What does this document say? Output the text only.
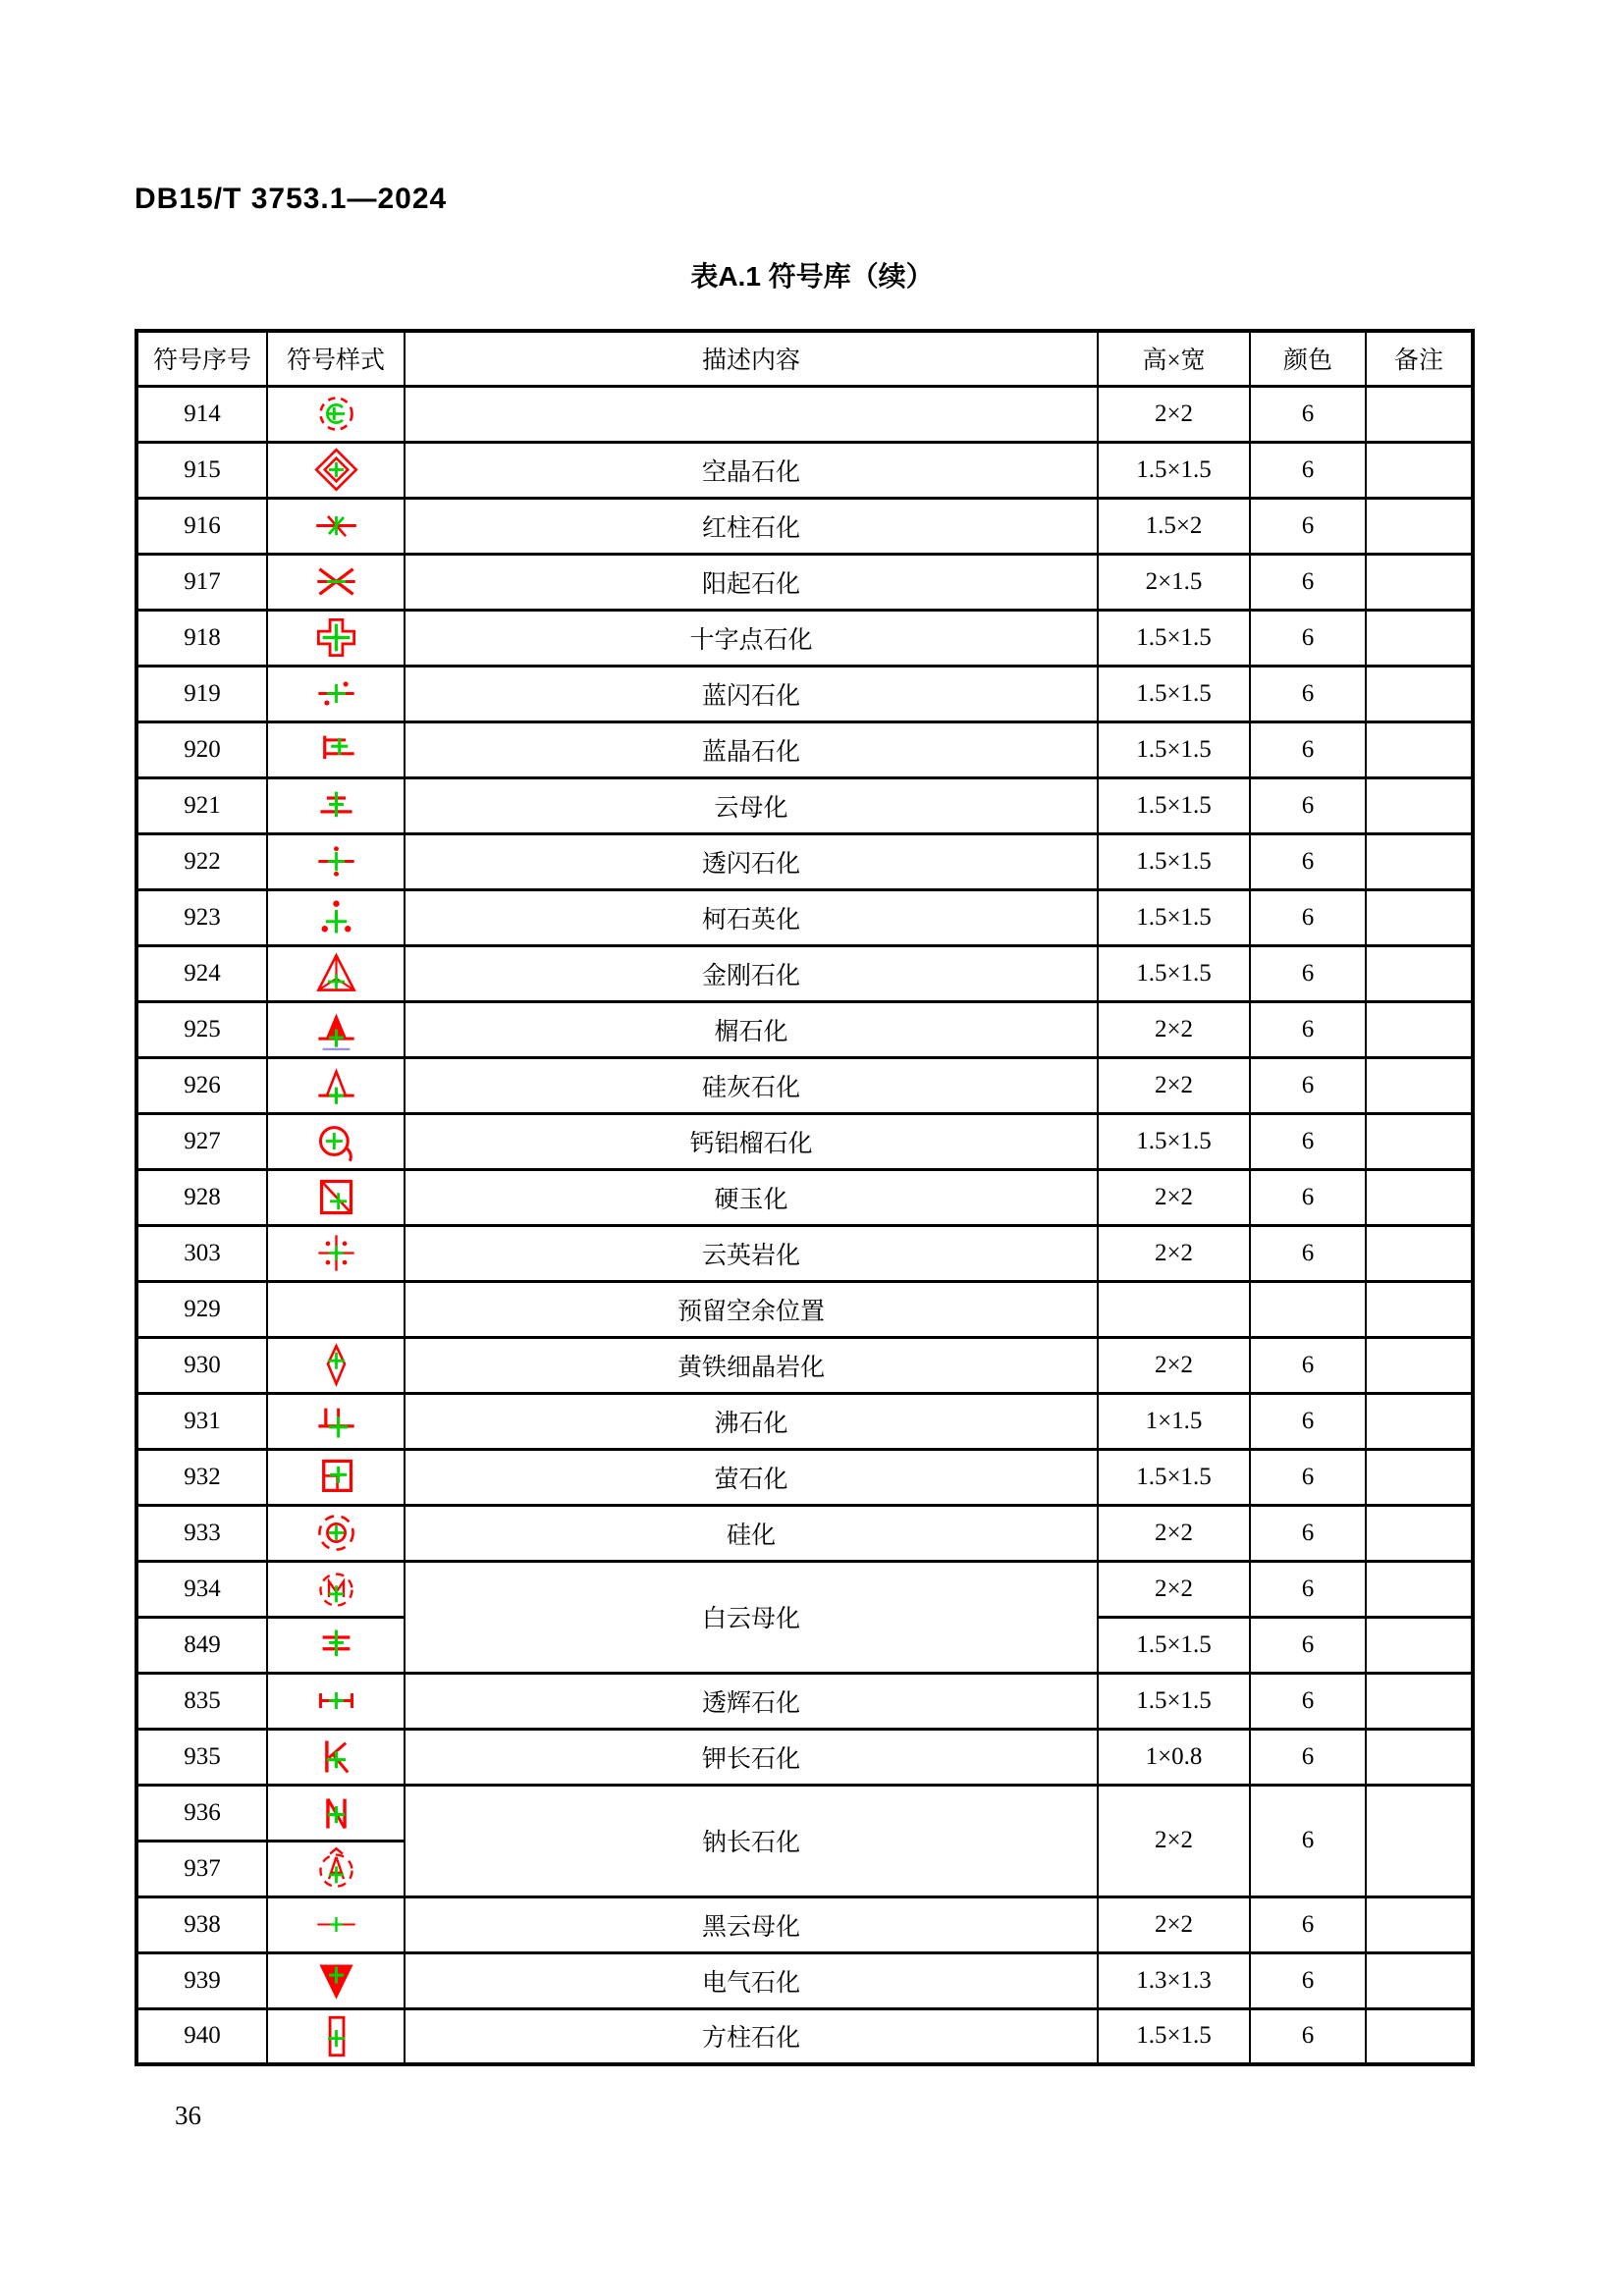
DB15/T 3753.1—2024
表A.1 符号库（续）
符号序号	符号样式	描述内容	高×宽	颜色	备注
914			2×2	6	
915		空晶石化	1.5×1.5	6	
916		红柱石化	1.5×2	6	
917		阳起石化	2×1.5	6	
918		十字点石化	1.5×1.5	6	
919		蓝闪石化	1.5×1.5	6	
920		蓝晶石化	1.5×1.5	6	
921		云母化	1.5×1.5	6	
922		透闪石化	1.5×1.5	6	
923		柯石英化	1.5×1.5	6	
924		金刚石化	1.5×1.5	6	
925		榍石化	2×2	6	
926		硅灰石化	2×2	6	
927		钙铝榴石化	1.5×1.5	6	
928		硬玉化	2×2	6	
303		云英岩化	2×2	6	
929		预留空余位置			
930		黄铁细晶岩化	2×2	6	
931		沸石化	1×1.5	6	
932		萤石化	1.5×1.5	6	
933		硅化	2×2	6	
934		白云母化	2×2	6	
849			1.5×1.5	6	
835		透辉石化	1.5×1.5	6	
935		钾长石化	1×0.8	6	
936		钠长石化	2×2	6	
937	

938		黑云母化	2×2	6	
939		电气石化	1.3×1.3	6	
940		方柱石化	1.5×1.5	6	
36
